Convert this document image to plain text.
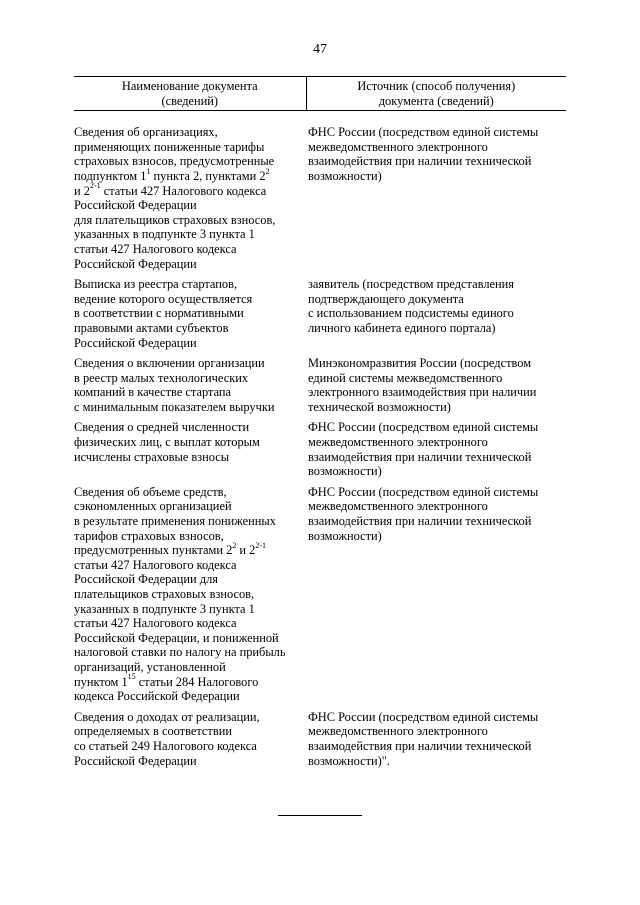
47
Наименование документа
(сведений)
Источник (способ получения)
документа (сведений)
Сведения об организациях,
применяющих пониженные тарифы
страховых взносов, предусмотренные
подпунктом $1^1$ пункта 2, пунктами $2^2$
и 2$^{2-1}$ статьи 427 Налогового кодекса
Российской Федерации
для плательщиков страховых взносов,
указанных в подпункте 3 пункта 1
статьи 427 Налогового кодекса
Российской Федерации
ФНС России (посредством единой системы
межведомственного электронного
взаимодействия при наличии технической
возможности)
Выписка из реестра стартапов,
ведение которого осуществляется
в соответствии с нормативными
правовыми актами субъектов
Российской Федерации
заявитель (посредством представления
подтверждающего документа
с использованием подсистемы единого
личного кабинета единого портала)
Сведения о включении организации
в реестр малых технологических
компаний в качестве стартапа
с минимальным показателем выручки
Минэкономразвития России (посредством
единой системы межведомственного
электронного взаимодействия при наличии
технической возможности)
Сведения о средней численности
физических лиц, с выплат которым
исчислены страховые взносы
ФНС России (посредством единой системы
межведомственного электронного
взаимодействия при наличии технической
возможности)
Сведения об объеме средств,
сэкономленных организацией
в результате применения пониженных
тарифов страховых взносов,
предусмотренных пунктами $2^2$ и 2$^{2-1}$
статьи 427 Налогового кодекса
Российской Федерации для
плательщиков страховых взносов,
указанных в подпункте 3 пункта 1
статьи 427 Налогового кодекса
Российской Федерации, и пониженной
налоговой ставки по налогу на прибыль
организаций, установленной
пунктом $1^{15}$ статьи 284 Налогового
кодекса Российской Федерации
ФНС России (посредством единой системы
межведомственного электронного
взаимодействия при наличии технической
возможности)
Сведения о доходах от реализации,
определяемых в соответствии
со статьей 249 Налогового кодекса
Российской Федерации
ФНС России (посредством единой системы
межведомственного электронного
взаимодействия при наличии технической
возможности)".
